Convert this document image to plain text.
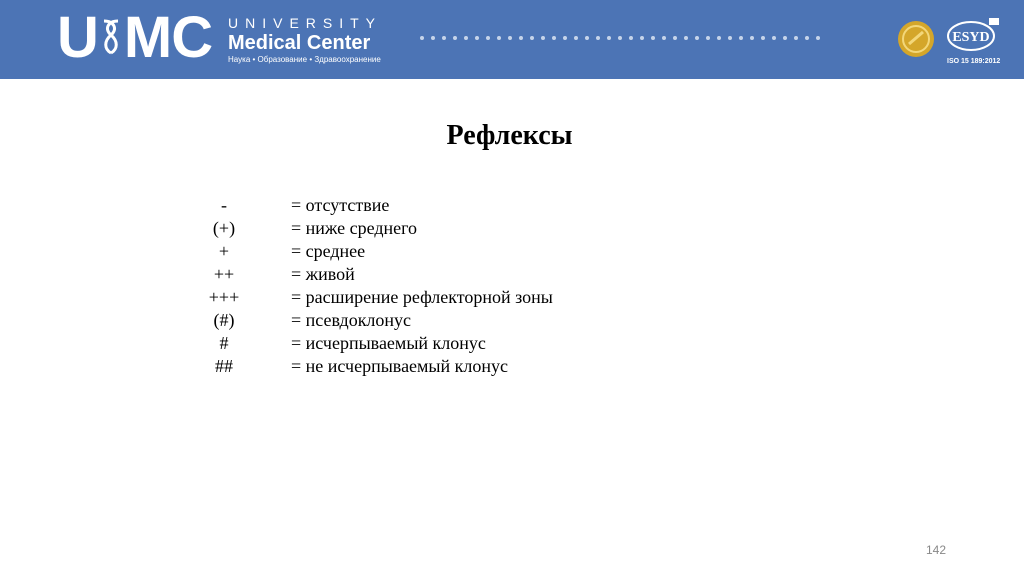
U MC UNIVERSITY
Medical Center
Наука • Образование • Здравоохранение
ESYD
ISO 15 189:2012
Рефлексы
-	= отсутствие
(+)	= ниже среднего
+	= среднее
++	= живой
+++	= расширение рефлекторной зоны
(#)	= псевдоклонус
#	= исчерпываемый клонус
##	= не исчерпываемый клонус
142
